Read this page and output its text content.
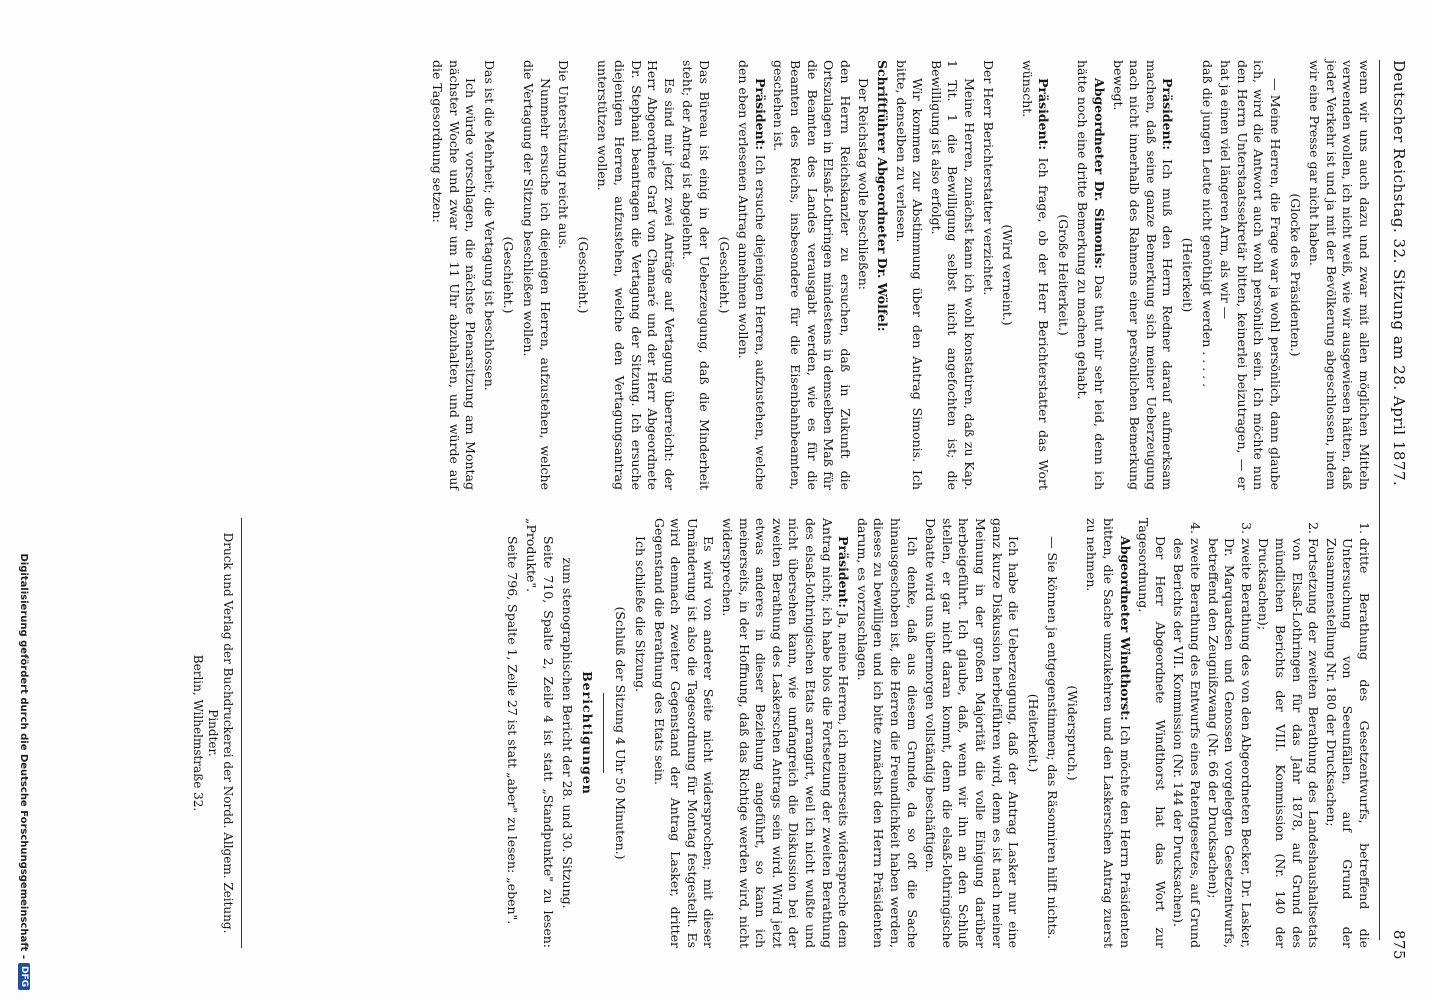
Deutscher Reichstag. 32. Sitzung am 28. April 1877.
875

wenn wir uns auch dazu und zwar mit allen möglichen Mitteln verwenden wollen, ich nicht weiß, wie wir ausgewiesen hätten, daß jeder Verkehr ist und ja mit der Bevölkerung abgeschlossen, indem wir eine Presse gar nicht haben.

(Glocke des Präsidenten.)

— Meine Herren, die Frage war ja wohl persönlich, dann glaube ich, wird die Antwort auch wohl persönlich sein. Ich möchte nun den Herrn Unterstaatssekretär bitten, keinerlei beizutragen, — er hat ja einen viel längeren Arm, als wir —

daß die jungen Leute nicht genöthigt werden . . . . .

(Heiterkeit)

Präsident: Ich muß den Herrn Redner darauf aufmerksam machen, daß seine ganze Bemerkung sich meiner Ueberzeugung nach nicht innerhalb des Rahmens einer persönlichen Bemerkung bewegt.

Abgeordneter Dr. Simonis: Das thut mir sehr leid, denn ich hätte noch eine dritte Bemerkung zu machen gehabt.

(Große Heiterkeit.)

Präsident: Ich frage, ob der Herr Berichterstatter das Wort wünscht.

(Wird verneint.)

Der Herr Berichterstatter verzichtet.

Meine Herren, zunächst kann ich wohl konstatiren, daß zu Kap. 1 Tit. 1 die Bewilligung selbst nicht angefochten ist; die Bewilligung ist also erfolgt.

Wir kommen zur Abstimmung über den Antrag Simonis. Ich bitte, denselben zu verlesen.

Schriftführer Abgeordneter Dr. Wölfel:

Der Reichstag wolle beschließen:

den Herrn Reichskanzler zu ersuchen, daß in Zukunft die Ortszulagen in Elsaß-Lothringen mindestens in demselben Maß für die Beamten des Landes verausgabt werden, wie es für die Beamten des Reichs, insbesondere für die Eisenbahnbeamten, geschehen ist.

Präsident: Ich ersuche diejenigen Herren, aufzustehen, welche den eben verlesenen Antrag annehmen wollen.

(Geschieht.)

Das Büreau ist einig in der Ueberzeugung, daß die Minderheit steht; der Antrag ist abgelehnt.

Es sind mir jetzt zwei Anträge auf Vertagung überreicht: der Herr Abgeordnete Graf von Chamaré und der Herr Abgeordnete Dr. Stephani beantragen die Vertagung der Sitzung. Ich ersuche diejenigen Herren, aufzustehen, welche den Vertagungsantrag unterstützen wollen.

(Geschieht.)

Die Unterstützung reicht aus.

Nunmehr ersuche ich diejenigen Herren, aufzustehen, welche die Vertagung der Sitzung beschließen wollen.

(Geschieht.)

Das ist die Mehrheit; die Vertagung ist beschlossen.

Ich würde vorschlagen, die nächste Plenarsitzung am Montag nächster Woche und zwar um 11 Uhr abzuhalten, und würde auf die Tagesordnung setzen:

1. dritte Berathung des Gesetzentwurfs, betreffend die Untersuchung von Seeunfällen, auf Grund der Zusammenstellung Nr. 180 der Drucksachen;
2. Fortsetzung der zweiten Berathung des Landeshaushaltsetats von Elsaß-Lothringen für das Jahr 1878, auf Grund des mündlichen Berichts der VIII. Kommission (Nr. 140 der Drucksachen);
3. zweite Berathung des von den Abgeordneten Becker, Dr. Lasker, Dr. Marquardsen und Genossen vorgelegten Gesetzentwurfs, betreffend den Zeugnißzwang (Nr. 66 der Drucksachen);
4. zweite Berathung des Entwurfs eines Patentgesetzes, auf Grund des Berichts der VII. Kommission (Nr. 144 der Drucksachen).

Der Herr Abgeordnete Windthorst hat das Wort zur Tagesordnung.

Abgeordneter Windthorst: Ich möchte den Herrn Präsidenten bitten, die Sache umzukehren und den Laskerschen Antrag zuerst zu nehmen.

(Widerspruch.)

— Sie können ja entgegenstimmen; das Räsonniren hilft nichts.

(Heiterkeit.)

Ich habe die Ueberzeugung, daß der Antrag Lasker nur eine ganz kurze Diskussion herbeiführen wird, denn es ist nach meiner Meinung in der großen Majorität die volle Einigung darüber herbeigeführt. Ich glaube, daß, wenn wir ihn an den Schluß stellen, er gar nicht daran kommt, denn die elsaß-lothringische Debatte wird uns übermorgen vollständig beschäftigen.

Ich denke, daß aus diesem Grunde, da so oft die Sache hinausgeschoben ist, die Herren die Freundlichkeit haben werden, dieses zu bewilligen und ich bitte zunächst den Herrn Präsidenten darum, es vorzuschlagen.

Präsident: Ja, meine Herren, ich meinerseits widerspreche dem Antrag nicht; ich habe blos die Fortsetzung der zweiten Berathung des elsaß-lothringischen Etats arrangirt, weil ich nicht wußte und nicht übersehen kann, wie umfangreich die Diskussion bei der zweiten Berathung des Laskerschen Antrags sein wird. Wird jetzt etwas anderes in dieser Beziehung angeführt, so kann ich meinerseits, in der Hoffnung, daß das Richtige werden wird, nicht widersprechen.

Es wird von anderer Seite nicht widersprochen; mit dieser Umänderung ist also die Tagesordnung für Montag festgestellt. Es wird demnach zweiter Gegenstand der Antrag Lasker, dritter Gegenstand die Berathung des Etats sein.

Ich schließe die Sitzung.

(Schluß der Sitzung 4 Uhr 50 Minuten.)

Berichtigungen

zum stenographischen Bericht der 28. und 30. Sitzung.

Seite 710, Spalte 2, Zeile 4 ist statt „Standpunkte" zu lesen: „Produkte".

Seite 796, Spalte 1, Zeile 27 ist statt „aber" zu lesen: „eben".

Druck und Verlag der Buchdruckerei der Nordd. Allgem. Zeitung. Pindter.
Berlin, Wilhelmstraße 32.
Digitalisierung gefördert durch die Deutsche Forschungsgemeinschaft -
DFG
